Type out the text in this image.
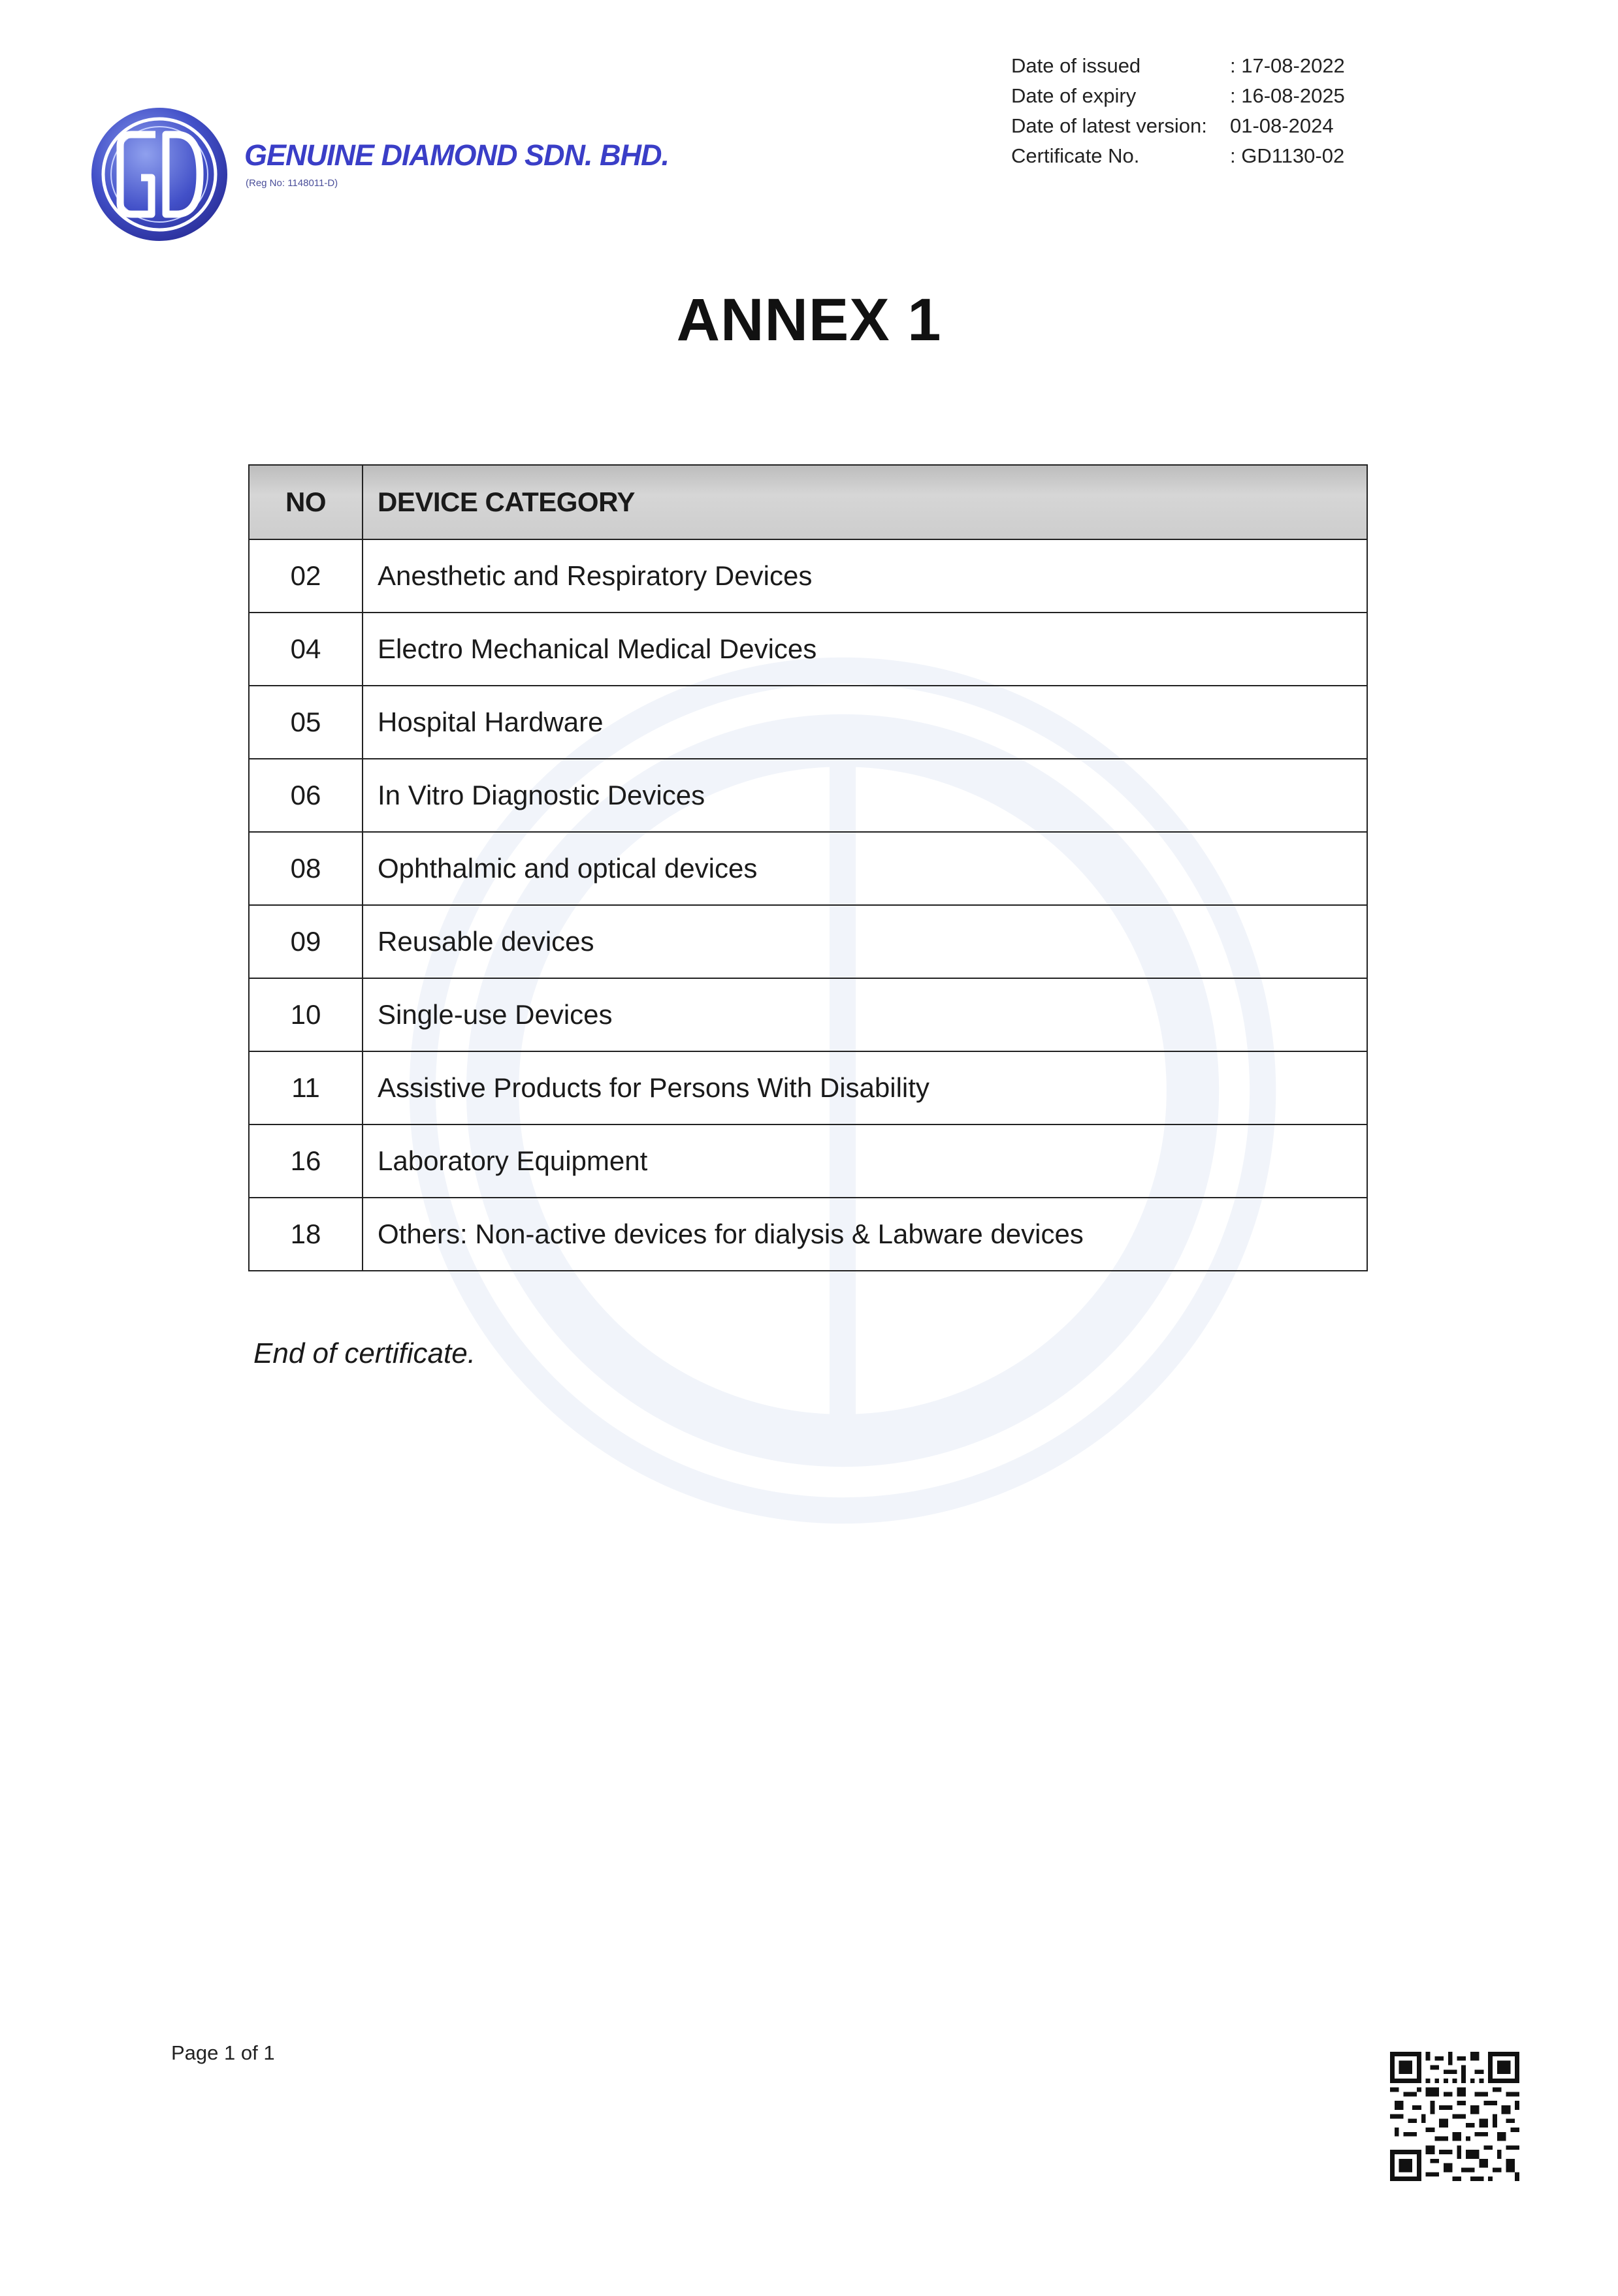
GENUINE DIAMOND SDN. BHD.
(Reg No: 1148011-D)
Date of issued	: 17-08-2022
Date of expiry	: 16-08-2025
Date of latest version:	01-08-2024
Certificate No.	: GD1130-02
ANNEX 1
NO	DEVICE CATEGORY
02	Anesthetic and Respiratory Devices
04	Electro Mechanical Medical Devices
05	Hospital Hardware
06	In Vitro Diagnostic Devices
08	Ophthalmic and optical devices
09	Reusable devices
10	Single-use Devices
11	Assistive Products for Persons With Disability
16	Laboratory Equipment
18	Others: Non-active devices for dialysis & Labware devices
End of certificate.
Page 1 of 1
